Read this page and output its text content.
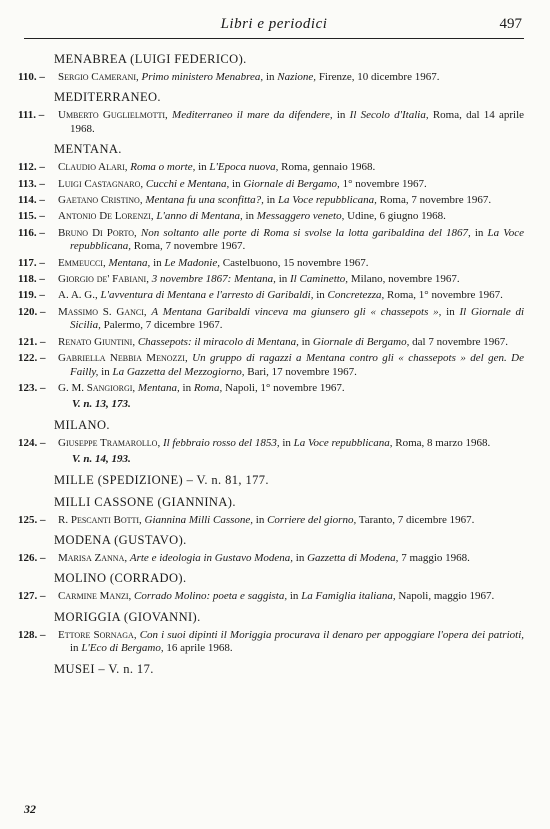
Libri e periodici	497
MENABREA (LUIGI FEDERICO).
110. – Sergio Camerani, Primo ministero Menabrea, in Nazione, Firenze, 10 dicembre 1967.
MEDITERRANEO.
111. – Umberto Guglielmotti, Mediterraneo il mare da difendere, in Il Secolo d'Italia, Roma, dal 14 aprile 1968.
MENTANA.
112. – Claudio Alari, Roma o morte, in L'Epoca nuova, Roma, gennaio 1968.
113. – Luigi Castagnaro, Cucchi e Mentana, in Giornale di Bergamo, 1° novembre 1967.
114. – Gaetano Cristino, Mentana fu una sconfitta?, in La Voce repubblicana, Roma, 7 novembre 1967.
115. – Antonio De Lorenzi, L'anno di Mentana, in Messaggero veneto, Udine, 6 giugno 1968.
116. – Bruno Di Porto, Non soltanto alle porte di Roma si svolse la lotta garibaldina del 1867, in La Voce repubblicana, Roma, 7 novembre 1967.
117. – Emmeucci, Mentana, in Le Madonie, Castelbuono, 15 novembre 1967.
118. – Giorgio de' Fabiani, 3 novembre 1867: Mentana, in Il Caminetto, Milano, novembre 1967.
119. – A. A. G., L'avventura di Mentana e l'arresto di Garibaldi, in Concretezza, Roma, 1° novembre 1967.
120. – Massimo S. Ganci, A Mentana Garibaldi vinceva ma giunsero gli « chassepots », in Il Giornale di Sicilia, Palermo, 7 dicembre 1967.
121. – Renato Giuntini, Chassepots: il miracolo di Mentana, in Giornale di Bergamo, dal 7 novembre 1967.
122. – Gabriella Nebbia Menozzi, Un gruppo di ragazzi a Mentana contro gli « chassepots » del gen. De Failly, in La Gazzetta del Mezzogiorno, Bari, 17 novembre 1967.
123. – G. M. Sangiorgi, Mentana, in Roma, Napoli, 1° novembre 1967.
V. n. 13, 173.
MILANO.
124. – Giuseppe Tramarollo, Il febbraio rosso del 1853, in La Voce repubblicana, Roma, 8 marzo 1968.
V. n. 14, 193.
MILLE (SPEDIZIONE) – V. n. 81, 177.
MILLI CASSONE (GIANNINA).
125. – R. Pescanti Botti, Giannina Milli Cassone, in Corriere del giorno, Taranto, 7 dicembre 1967.
MODENA (GUSTAVO).
126. – Marisa Zanna, Arte e ideologia in Gustavo Modena, in Gazzetta di Modena, 7 maggio 1968.
MOLINO (CORRADO).
127. – Carmine Manzi, Corrado Molino: poeta e saggista, in La Famiglia italiana, Napoli, maggio 1967.
MORIGGIA (GIOVANNI).
128. – Ettore Sornaga, Con i suoi dipinti il Moriggia procurava il denaro per appoggiare l'opera dei patrioti, in L'Eco di Bergamo, 16 aprile 1968.
MUSEI – V. n. 17.
32
